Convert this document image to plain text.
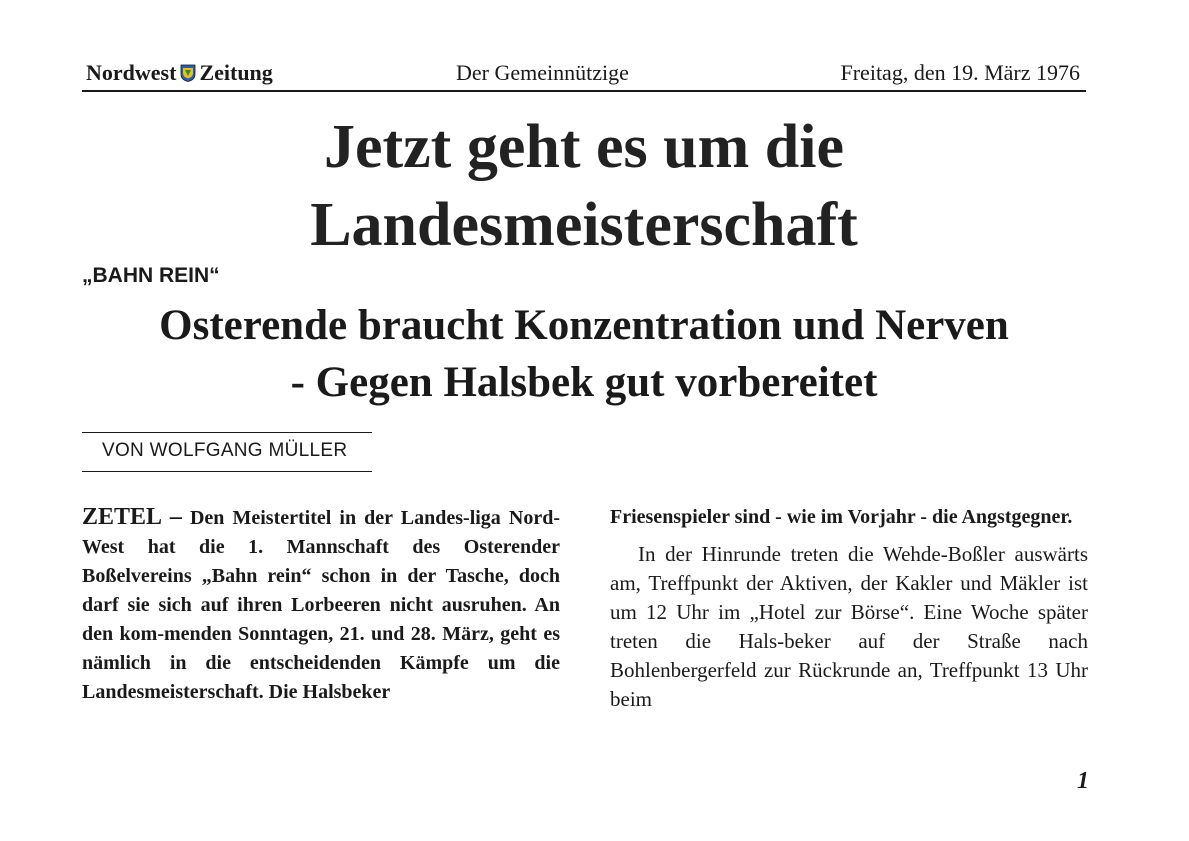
Nordwest Zeitung	Der Gemeinnützige	Freitag, den 19. März 1976
Jetzt geht es um die
Landesmeisterschaft
„BAHN REIN“
Osterende braucht Konzentration und Nerven
- Gegen Halsbek gut vorbereitet
VON WOLFGANG MÜLLER

ZETEL – Den Meistertitel in der Landes-liga Nord-West hat die 1. Mannschaft des Osterender Boßelvereins „Bahn rein“ schon in der Tasche, doch darf sie sich auf ihren Lorbeeren nicht ausruhen. An den kom-menden Sonntagen, 21. und 28. März, geht es nämlich in die entscheidenden Kämpfe um die Landesmeisterschaft. Die Halsbeker

Friesenspieler sind - wie im Vorjahr - die Angstgegner.

In der Hinrunde treten die Wehde-Boßler auswärts am, Treffpunkt der Aktiven, der Kakler und Mäkler ist um 12 Uhr im „Hotel zur Börse“. Eine Woche später treten die Hals-beker auf der Straße nach Bohlenbergerfeld zur Rückrunde an, Treffpunkt 13 Uhr beim

1
